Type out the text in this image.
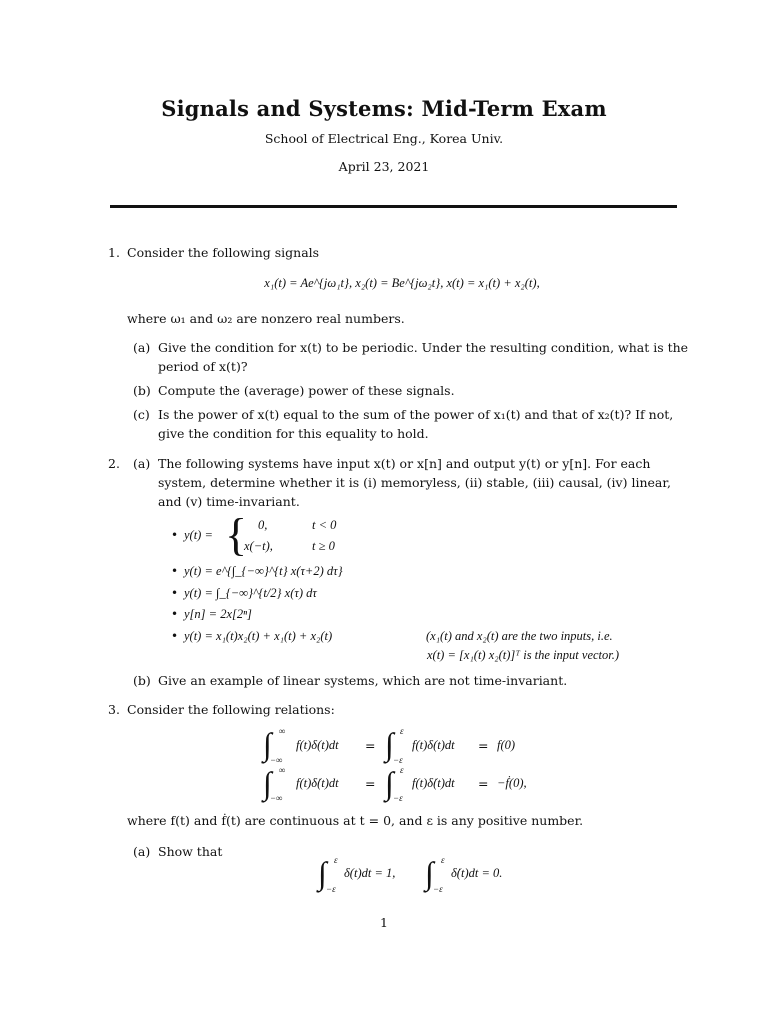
Signals and Systems: Mid-Term Exam
School of Electrical Eng., Korea Univ.
April 23, 2021
1. Consider the following signals
x₁(t) = Ae^{jω₁t}, x₂(t) = Be^{jω₂t}, x(t) = x₁(t) + x₂(t),
where ω₁ and ω₂ are nonzero real numbers.
(a) Give the condition for x(t) to be periodic. Under the resulting condition, what is the
period of x(t)?
(b) Compute the (average) power of these signals.
(c) Is the power of x(t) equal to the sum of the power of x₁(t) and that of x₂(t)? If not,
give the condition for this equality to hold.
2. (a) The following systems have input x(t) or x[n] and output y(t) or y[n]. For each
system, determine whether it is (i) memoryless, (ii) stable, (iii) causal, (iv) linear,
and (v) time-invariant.
• y(t) = { 0,	t < 0
x(−t),	t ≥ 0
• y(t) = e^{∫_{−∞}^{t} x(τ+2) dτ}
• y(t) = ∫_{−∞}^{t/2} x(τ) dτ
• y[n] = 2x[2ⁿ]
• y(t) = x₁(t)x₂(t) + x₁(t) + x₂(t)	(x₁(t) and x₂(t) are the two inputs, i.e.
x(t) = [x₁(t) x₂(t)]ᵀ is the input vector.)
(b) Give an example of linear systems, which are not time-invariant.
3. Consider the following relations:
∫ ∞
−∞
f(t)δ(t)dt = ∫ ε
−ε
f(t)δ(t)dt = f(0)
∫ ∞
−∞
f(t)δ̇(t)dt = ∫ ε
−ε
f(t)δ̇(t)dt = −ḟ(0),
where f(t) and ḟ(t) are continuous at t = 0, and ε is any positive number.
(a) Show that
∫ ε
−ε
δ(t)dt = 1, ∫ ε
−ε
δ̇(t)dt = 0.
1
